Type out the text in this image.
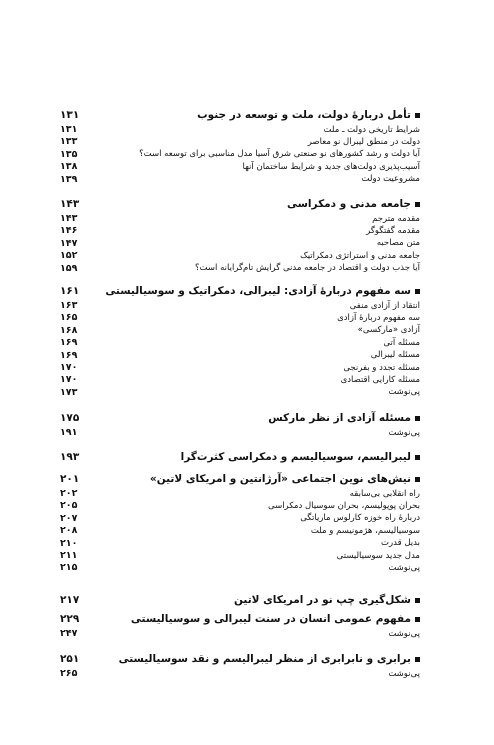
۱۳۱	تأمل دربارۀ دولت، ملت و توسعه در جنوب
۱۳۱	شرایط تاریخی دولت ـ ملت
۱۳۳	دولت در منطق لیبرال نو معاصر
۱۳۵	آیا دولت و رشد کشورهای نو صنعتی شرق آسیا مدل مناسبی برای توسعه است؟
۱۳۸	آسیب‌پذیری دولت‌های جدید و شرایط ساختمان آنها
۱۳۹	مشروعیت دولت
۱۴۳	جامعه مدنی و دمکراسی
۱۴۳	مقدمه مترجم
۱۴۶	مقدمه گفتگوگر
۱۴۷	متن مصاحبه
۱۵۲	جامعه مدنی و استراتژی دمکراتیک
۱۵۹	آیا جذب دولت و اقتصاد در جامعه مدنی گرایش تام‌گرایانه است؟
۱۶۱	سه مفهوم دربارۀ آزادی: لیبرالی، دمکراتیک و سوسیالیستی
۱۶۳	انتقاد از آزادی منفی
۱۶۵	سه مفهوم دربارۀ آزادی
۱۶۸	آزادی «مارکسی»
۱۶۹	مسئله آتی
۱۶۹	مسئله لیبرالی
۱۷۰	مسئله تجدد و بفرنجی
۱۷۰	مسئله کارایی اقتصادی
۱۷۳	پی‌نوشت
۱۷۵	مسئله آزادی از نظر مارکس
۱۹۱	پی‌نوشت
۱۹۳	لیبرالیسم، سوسیالیسم و دمکراسی کثرت‌گرا
۲۰۱	نیش‌های نوین اجتماعی «آرژانتین و امریکای لاتین»
۲۰۲	راه انقلابی بی‌سابقه
۲۰۵	بحران پوپولیسم، بحران سوسیال دمکراسی
۲۰۷	دربارۀ راه خوزه کارلوس ماریاتگی
۲۰۸	سوسیالیسم، هژمونیسم و ملت
۲۱۰	بدیل قدرت
۲۱۱	مدل جدید سوسیالیستی
۲۱۵	پی‌نوشت
۲۱۷	شکل‌گیری چپ نو در امریکای لاتین
۲۲۹	مفهوم عمومی انسان در سنت لیبرالی و سوسیالیستی
۲۴۷	پی‌نوشت
۲۵۱	برابری و نابرابری از منظر لیبرالیسم و نقد سوسیالیستی
۲۶۵	پی‌نوشت
